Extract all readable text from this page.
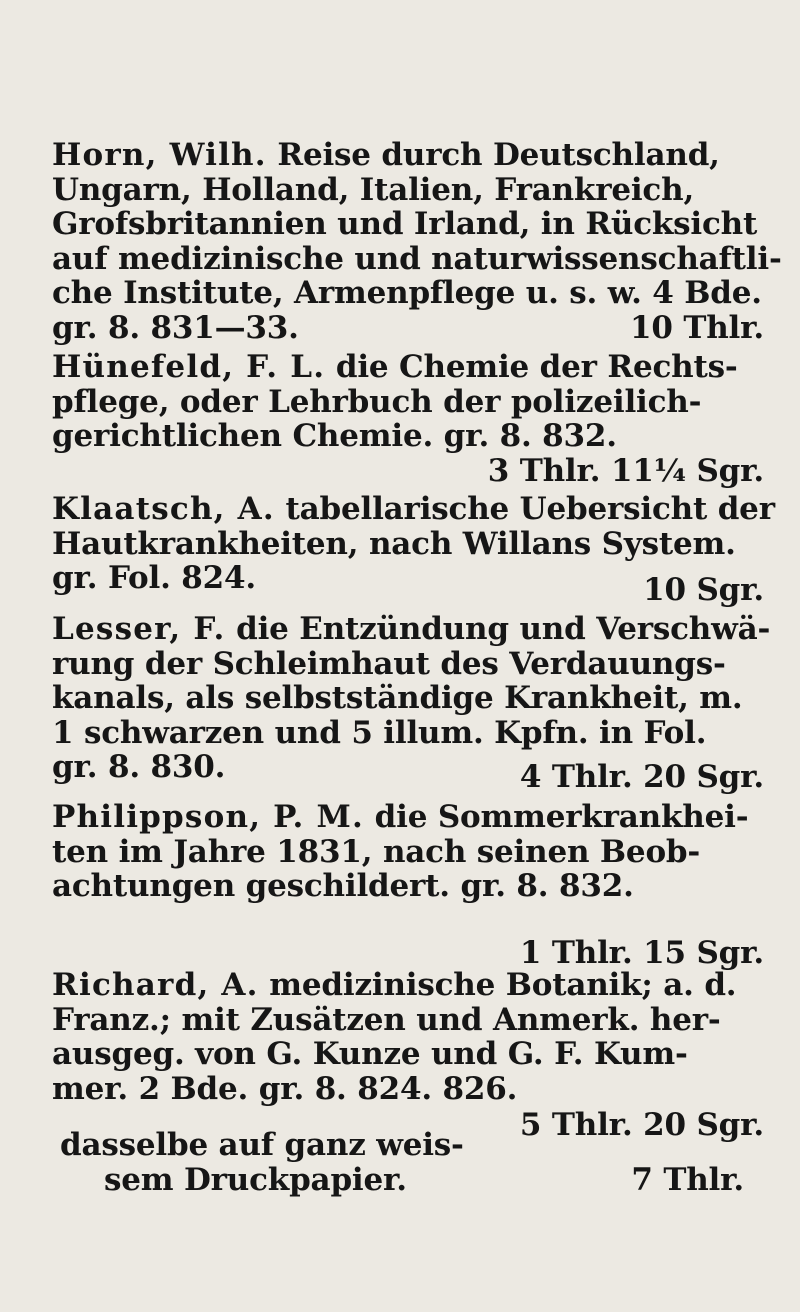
Horn, Wilh. Reise durch Deutschland,
Ungarn, Holland, Italien, Frankreich,
Grofsbritannien und Irland, in Rücksicht
auf medizinische und naturwissenschaftli-
che Institute, Armenpflege u. s. w. 4 Bde.
gr. 8. 831—33.	10 Thlr.
Hünefeld, F. L. die Chemie der Rechts-
pflege, oder Lehrbuch der polizeilich-
gerichtlichen Chemie. gr. 8. 832.
3 Thlr. 11¼ Sgr.
Klaatsch, A. tabellarische Uebersicht der
Hautkrankheiten, nach Willans System.
gr. Fol. 824.	10 Sgr.
Lesser, F. die Entzündung und Verschwä-
rung der Schleimhaut des Verdauungs-
kanals, als selbstständige Krankheit, m.
1 schwarzen und 5 illum. Kpfn. in Fol.
gr. 8. 830.	4 Thlr. 20 Sgr.
Philippson, P. M. die Sommerkrankhei-
ten im Jahre 1831, nach seinen Beob-
achtungen geschildert. gr. 8. 832.
1 Thlr. 15 Sgr.
Richard, A. medizinische Botanik; a. d.
Franz.; mit Zusätzen und Anmerk. her-
ausgeg. von G. Kunze und G. F. Kum-
mer. 2 Bde. gr. 8. 824. 826.
5 Thlr. 20 Sgr.
dasselbe auf ganz weis-
sem Druckpapier.	7 Thlr.
